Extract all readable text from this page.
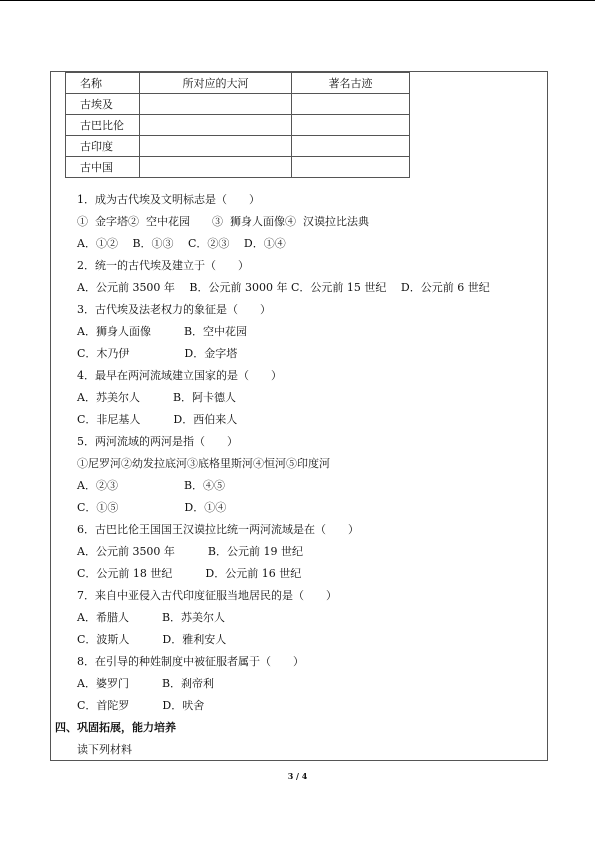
名称	所对应的大河	著名古迹
古埃及		
古巴比伦		
古印度		
古中国		
1．成为古代埃及文明标志是（　　）
①  金字塔②  空中花园　　③  狮身人面像④  汉谟拉比法典
A．①②　 B．①③　 C．②③　 D．①④
2．统一的古代埃及建立于（　　）
A．公元前 3500 年　 B．公元前 3000 年 C．公元前 15 世纪　 D．公元前 6 世纪
3．古代埃及法老权力的象征是（　　）
A．狮身人面像　　　B．空中花园
C．木乃伊　　　　　D．金字塔
4．最早在两河流域建立国家的是（　　）
A．苏美尔人　　　B．阿卡德人
C．非尼基人　　　D．西伯来人
5．两河流域的两河是指（　　）
①尼罗河②幼发拉底河③底格里斯河④恒河⑤印度河
A．②③　　　　　　B．④⑤
C．①⑤　　　　　　D．①④
6．古巴比伦王国国王汉谟拉比统一两河流域是在（　　）
A．公元前 3500 年　　　B．公元前 19 世纪
C．公元前 18 世纪　　　D．公元前 16 世纪
7．来自中亚侵入古代印度征服当地居民的是（　　）
A．希腊人　　　B．苏美尔人
C．波斯人　　　D．雅利安人
8．在引导的种姓制度中被征服者属于（　　）
A．婆罗门　　　B．刹帝利
C．首陀罗　　　D．吠舍
四、巩固拓展，能力培养
读下列材料
3 / 4
